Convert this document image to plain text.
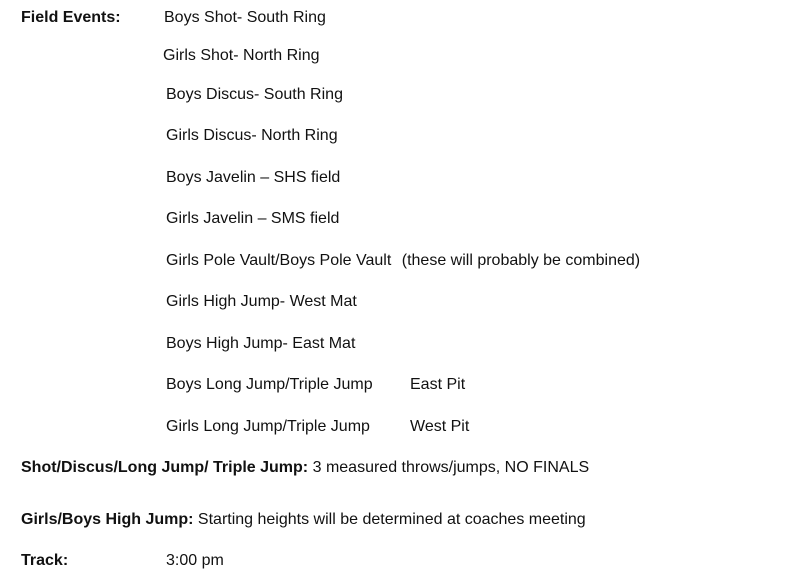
Field Events:	Boys Shot- South Ring
Girls Shot- North Ring
Boys Discus- South Ring
Girls Discus- North Ring
Boys Javelin – SHS field
Girls Javelin – SMS field
Girls Pole Vault/Boys Pole Vault (these will probably be combined)
Girls High Jump- West Mat
Boys High Jump- East Mat
Boys Long Jump/Triple Jump East Pit
Girls Long Jump/Triple Jump	West Pit
Shot/Discus/Long Jump/ Triple Jump: 3 measured throws/jumps, NO FINALS
Girls/Boys High Jump: Starting heights will be determined at coaches meeting
Track:	3:00 pm
